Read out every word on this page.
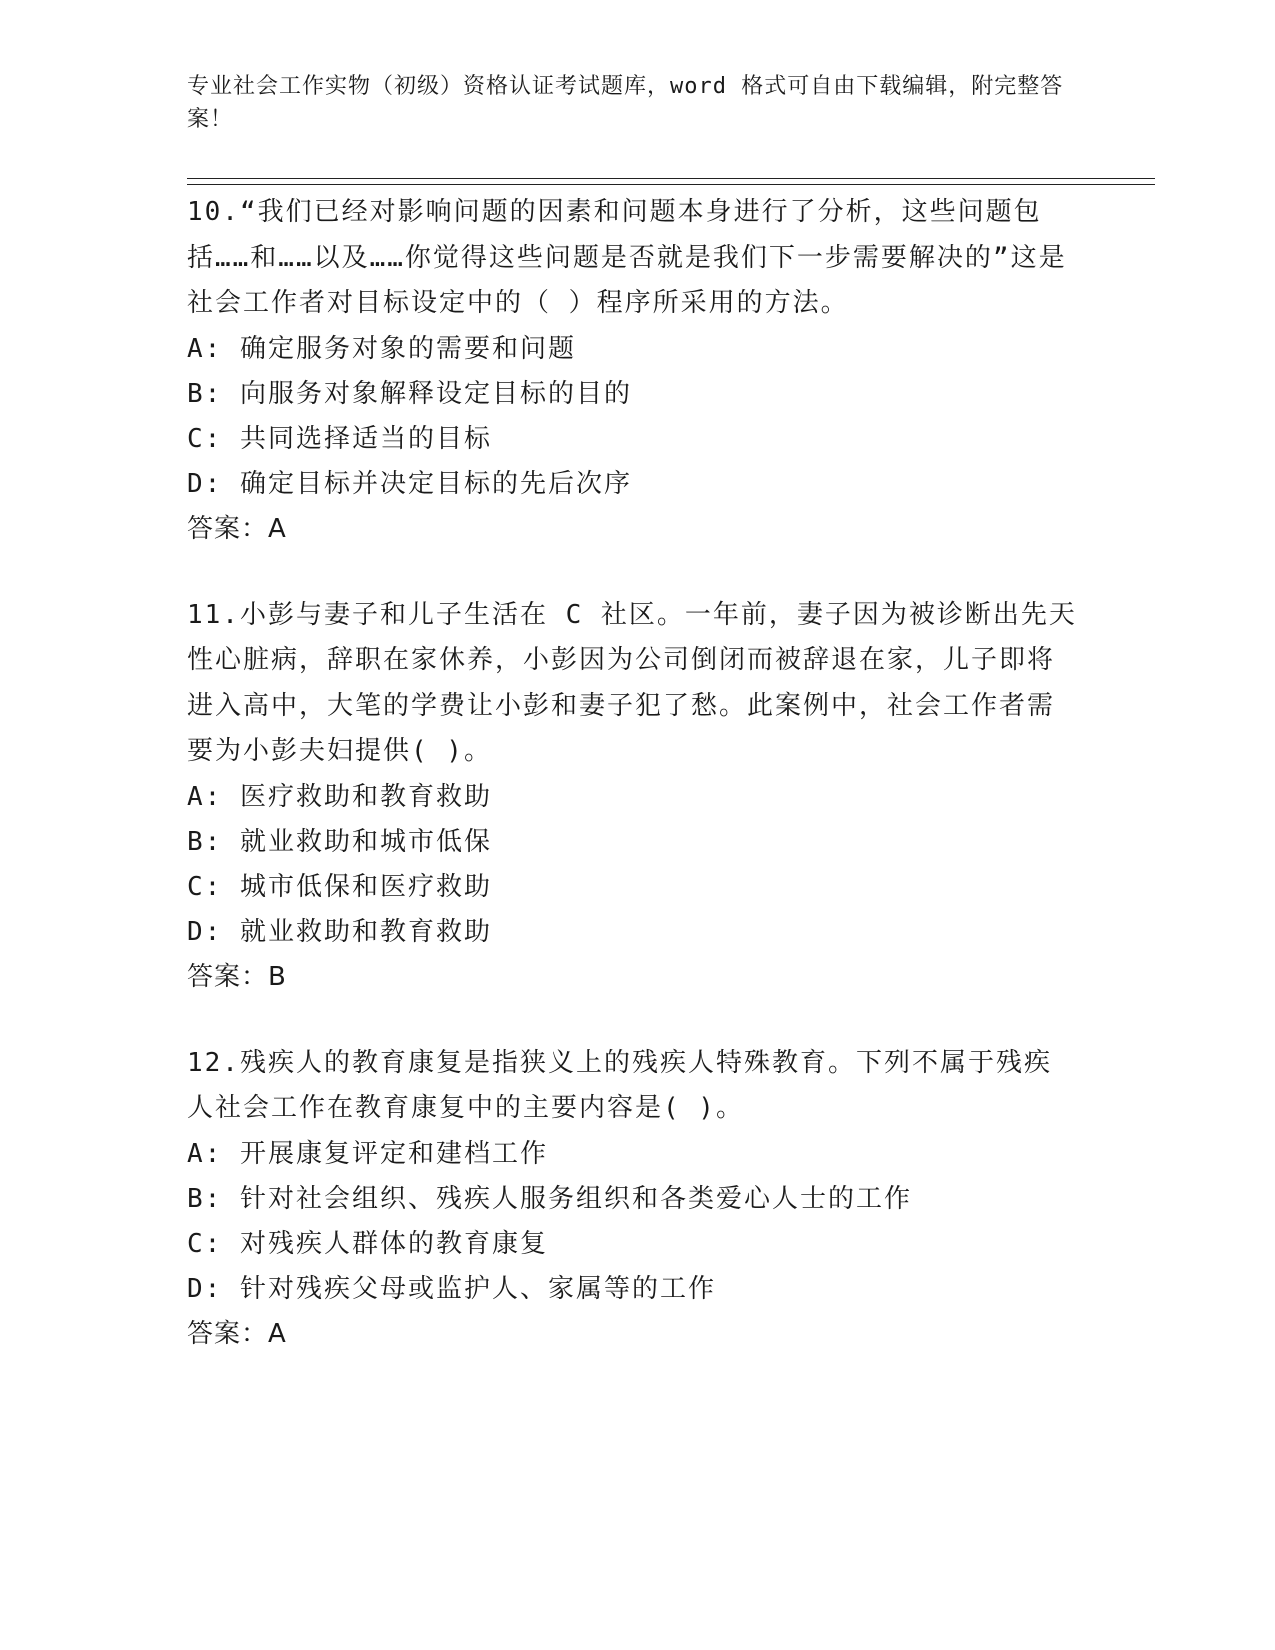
专业社会工作实物（初级）资格认证考试题库，word 格式可自由下载编辑，附完整答案！
10.“我们已经对影响问题的因素和问题本身进行了分析，这些问题包括……和……以及……你觉得这些问题是否就是我们下一步需要解决的”这是社会工作者对目标设定中的（ ）程序所采用的方法。
A: 确定服务对象的需要和问题
B: 向服务对象解释设定目标的目的
C: 共同选择适当的目标
D: 确定目标并决定目标的先后次序
答案：A
11.小彭与妻子和儿子生活在 C 社区。一年前，妻子因为被诊断出先天性心脏病，辞职在家休养，小彭因为公司倒闭而被辞退在家，儿子即将进入高中，大笔的学费让小彭和妻子犯了愁。此案例中，社会工作者需要为小彭夫妇提供( )。
A: 医疗救助和教育救助
B: 就业救助和城市低保
C: 城市低保和医疗救助
D: 就业救助和教育救助
答案：B
12.残疾人的教育康复是指狭义上的残疾人特殊教育。下列不属于残疾人社会工作在教育康复中的主要内容是( )。
A: 开展康复评定和建档工作
B: 针对社会组织、残疾人服务组织和各类爱心人士的工作
C: 对残疾人群体的教育康复
D: 针对残疾父母或监护人、家属等的工作
答案：A
